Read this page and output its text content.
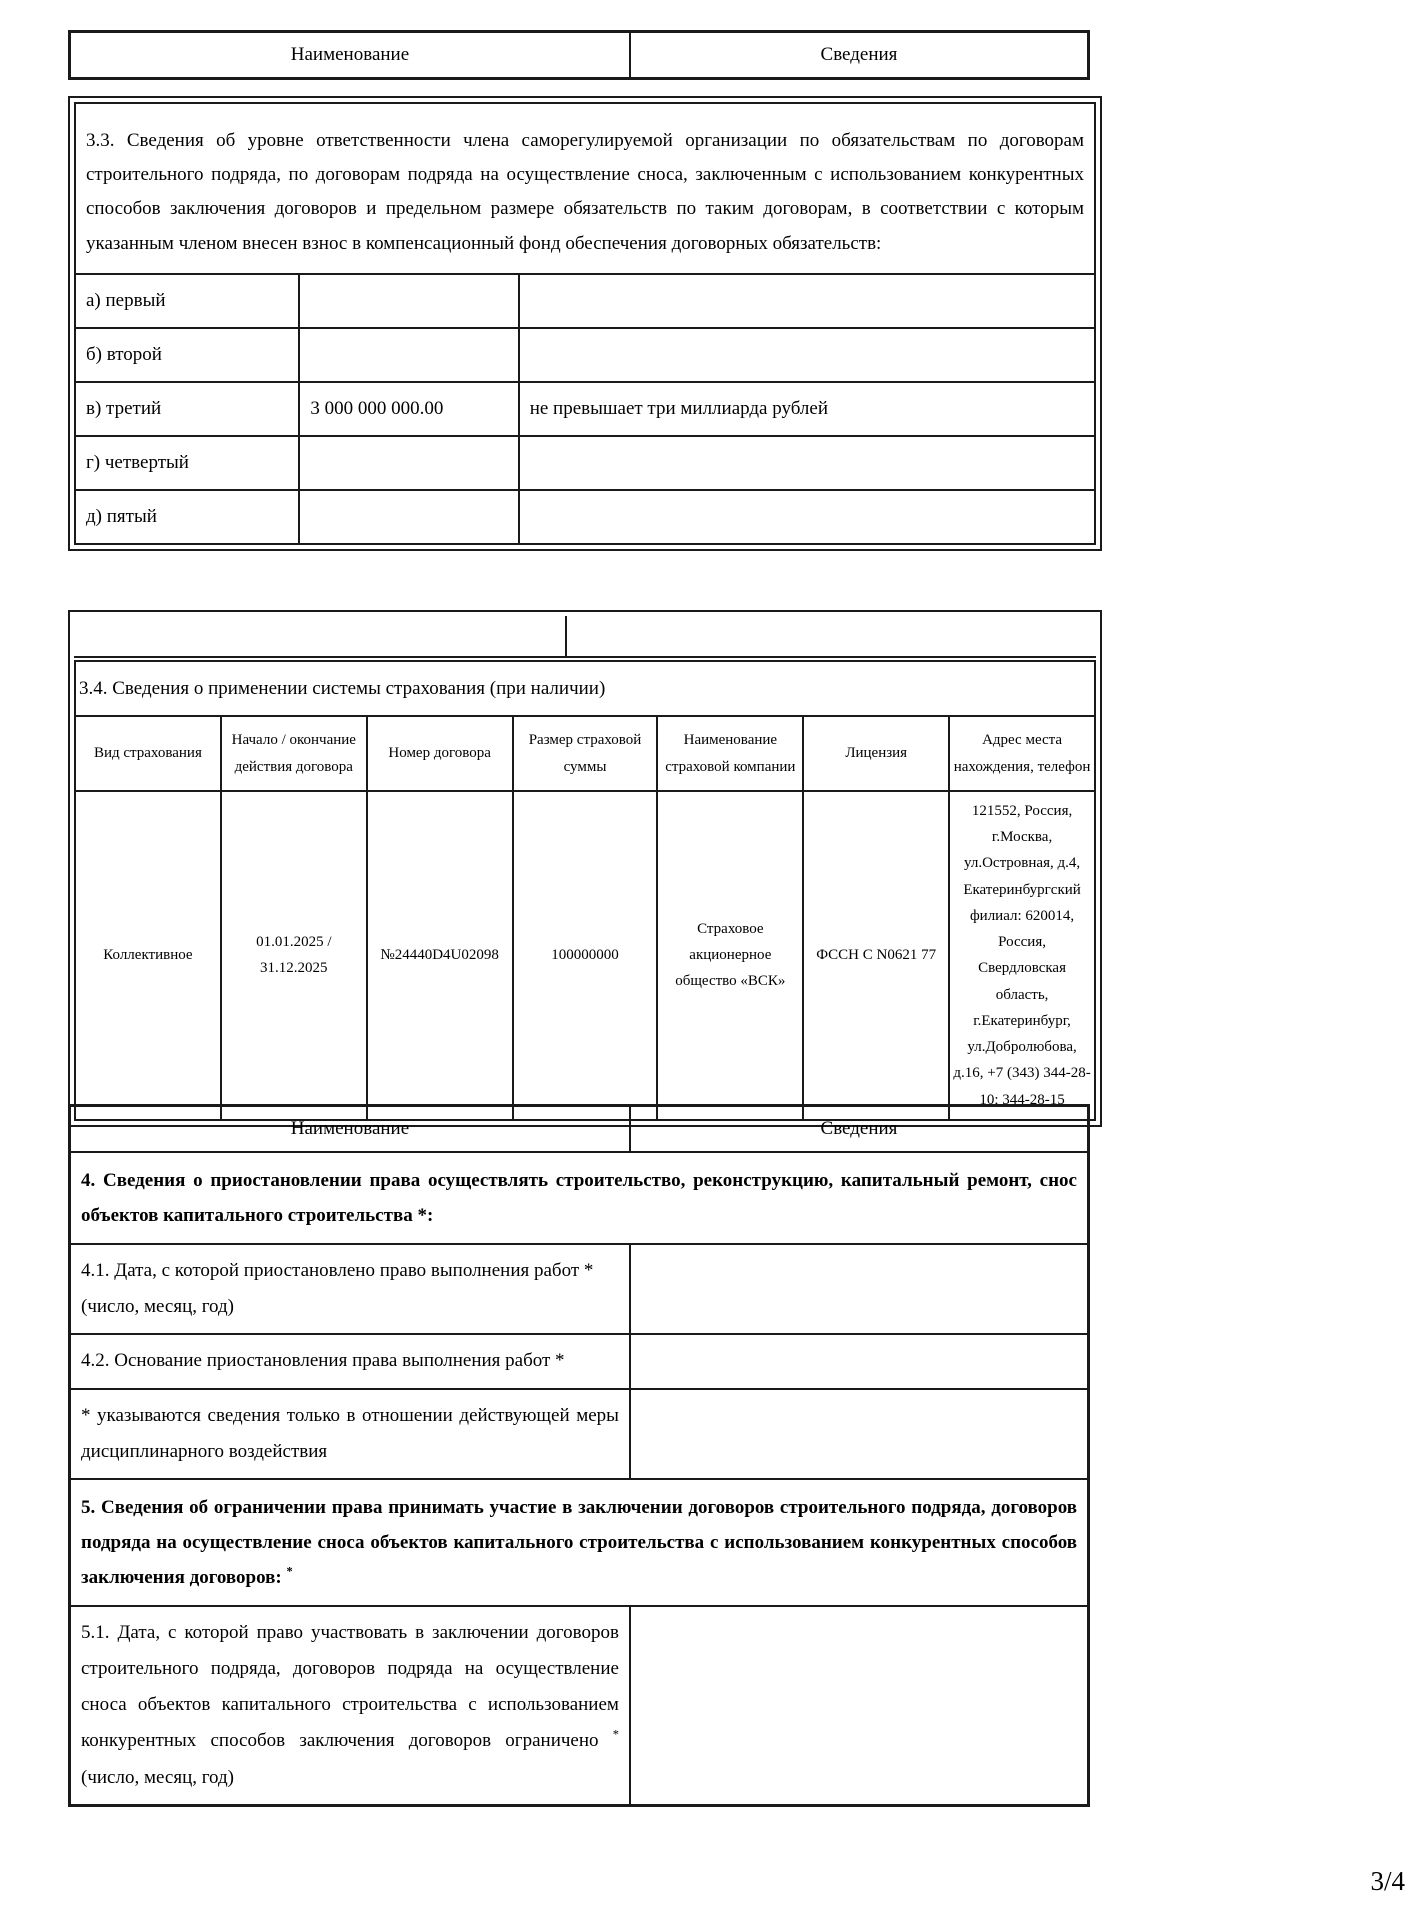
Наименование	Сведения
3.3. Сведения об уровне ответственности члена саморегулируемой организации по обязательствам по договорам строительного подряда, по договорам подряда на осуществление сноса, заключенным с использованием конкурентных способов заключения договоров и предельном размере обязательств по таким договорам, в соответствии с которым указанным членом внесен взнос в компенсационный фонд обеспечения договорных обязательств:		
а) первый		
б) второй		
в) третий	3 000 000 000.00	не превышает три миллиарда рублей
г) четвертый		
д) пятый		
3.4. Сведения о применении системы страхования (при наличии)						
Вид страхования	Начало / окончание действия договора	Номер договора	Размер страховой суммы	Наименование страховой компании	Лицензия	Адрес места нахождения, телефон
Коллективное	01.01.2025 / 31.12.2025	№24440D4U02098	100000000	Страховое акционерное общество «ВСК»	ФССН С N0621 77	121552, Россия, г.Москва, ул.Островная, д.4, Екатеринбургский филиал: 620014, Россия, Свердловская область, г.Екатеринбург, ул.Добролюбова, д.16, +7 (343) 344-28-10; 344-28-15
Наименование	Сведения
4. Сведения о приостановлении права осуществлять строительство, реконструкцию, капитальный ремонт, снос объектов капитального строительства *:	
4.1. Дата, с которой приостановлено право выполнения работ *
(число, месяц, год)	
4.2. Основание приостановления права выполнения работ *	
* указываются сведения только в отношении действующей меры дисциплинарного воздействия	
5. Сведения об ограничении права принимать участие в заключении договоров строительного подряда, договоров подряда на осуществление сноса объектов капитального строительства с использованием конкурентных способов заключения договоров: *
5.1. Дата, с которой право участвовать в заключении договоров строительного подряда, договоров подряда на осуществление сноса объектов капитального строительства с использованием конкурентных способов заключения договоров ограничено * (число, месяц, год)	
3/4
